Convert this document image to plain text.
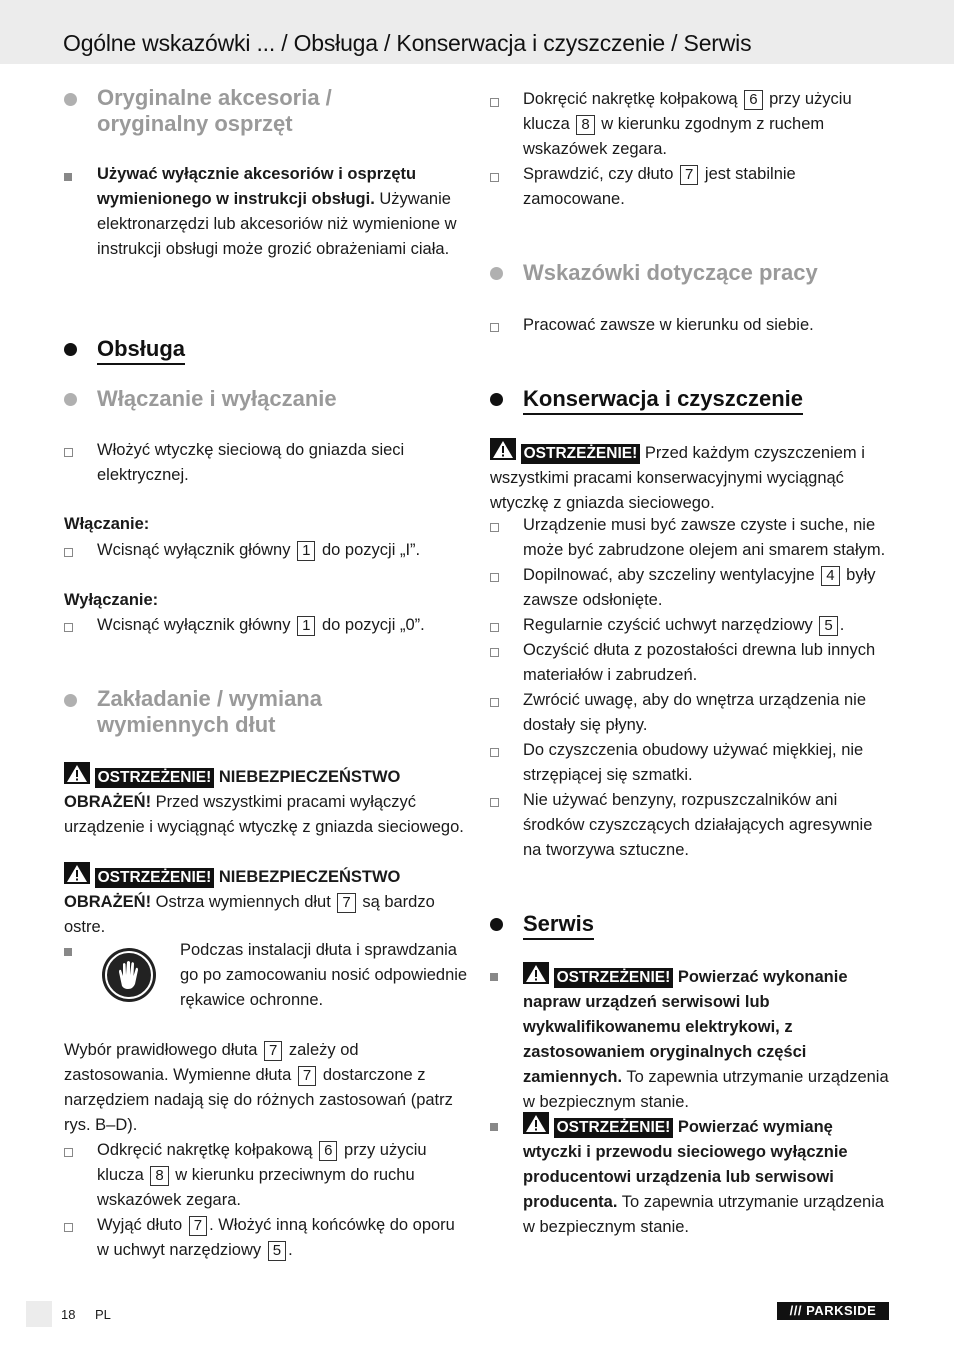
Ogólne wskazówki ... / Obsługa / Konserwacja i czyszczenie / Serwis
Oryginalne akcesoria /
oryginalny osprzęt
Używać wyłącznie akcesoriów i osprzętu wymienionego w instrukcji obsługi. Używanie elektronarzędzi lub akcesoriów niż wymienione w instrukcji obsługi może grozić obrażeniami ciała.
Obsługa
Włączanie i wyłączanie
Włożyć wtyczkę sieciową do gniazda sieci elektrycznej.
Włączanie:
Wcisnąć wyłącznik główny 1 do pozycji „I”.
Wyłączanie:
Wcisnąć wyłącznik główny 1 do pozycji „0”.
Zakładanie / wymiana
wymiennych dłut
OSTRZEŻENIE! NIEBEZPIECZEŃSTWO OBRAŻEŃ! Przed wszystkimi pracami wyłączyć urządzenie i wyciągnąć wtyczkę z gniazda sieciowego.
OSTRZEŻENIE! NIEBEZPIECZEŃSTWO OBRAŻEŃ! Ostrza wymiennych dłut 7 są bardzo ostre.
Podczas instalacji dłuta i sprawdzania go po zamocowaniu nosić odpowiednie rękawice ochronne.
Wybór prawidłowego dłuta 7 zależy od zastosowania. Wymienne dłuta 7 dostarczone z narzędziem nadają się do różnych zastosowań (patrz rys. B–D).
Odkręcić nakrętkę kołpakową 6 przy użyciu klucza 8 w kierunku przeciwnym do ruchu wskazówek zegara.
Wyjąć dłuto 7 . Włożyć inną końcówkę do oporu w uchwyt narzędziowy 5 .
Dokręcić nakrętkę kołpakową 6 przy użyciu klucza 8 w kierunku zgodnym z ruchem wskazówek zegara.
Sprawdzić, czy dłuto 7 jest stabilnie zamocowane.
Wskazówki dotyczące pracy
Pracować zawsze w kierunku od siebie.
Konserwacja i czyszczenie
OSTRZEŻENIE! Przed każdym czyszczeniem i wszystkimi pracami konserwacyjnymi wyciągnąć wtyczkę z gniazda sieciowego.
Urządzenie musi być zawsze czyste i suche, nie może być zabrudzone olejem ani smarem stałym.
Dopilnować, aby szczeliny wentylacyjne 4 były zawsze odsłonięte.
Regularnie czyścić uchwyt narzędziowy 5 .
Oczyścić dłuta z pozostałości drewna lub innych materiałów i zabrudzeń.
Zwrócić uwagę, aby do wnętrza urządzenia nie dostały się płyny.
Do czyszczenia obudowy używać miękkiej, nie strzępiącej się szmatki.
Nie używać benzyny, rozpuszczalników ani środków czyszczących działających agresywnie na tworzywa sztuczne.
Serwis
OSTRZEŻENIE! Powierzać wykonanie napraw urządzeń serwisowi lub wykwalifikowanemu elektrykowi, z zastosowaniem oryginalnych części zamiennych. To zapewnia utrzymanie urządzenia w bezpiecznym stanie.
OSTRZEŻENIE! Powierzać wymianę wtyczki i przewodu sieciowego wyłącznie producentowi urządzenia lub serwisowi producenta. To zapewnia utrzymanie urządzenia w bezpiecznym stanie.
18 PL	/// PARKSIDE
